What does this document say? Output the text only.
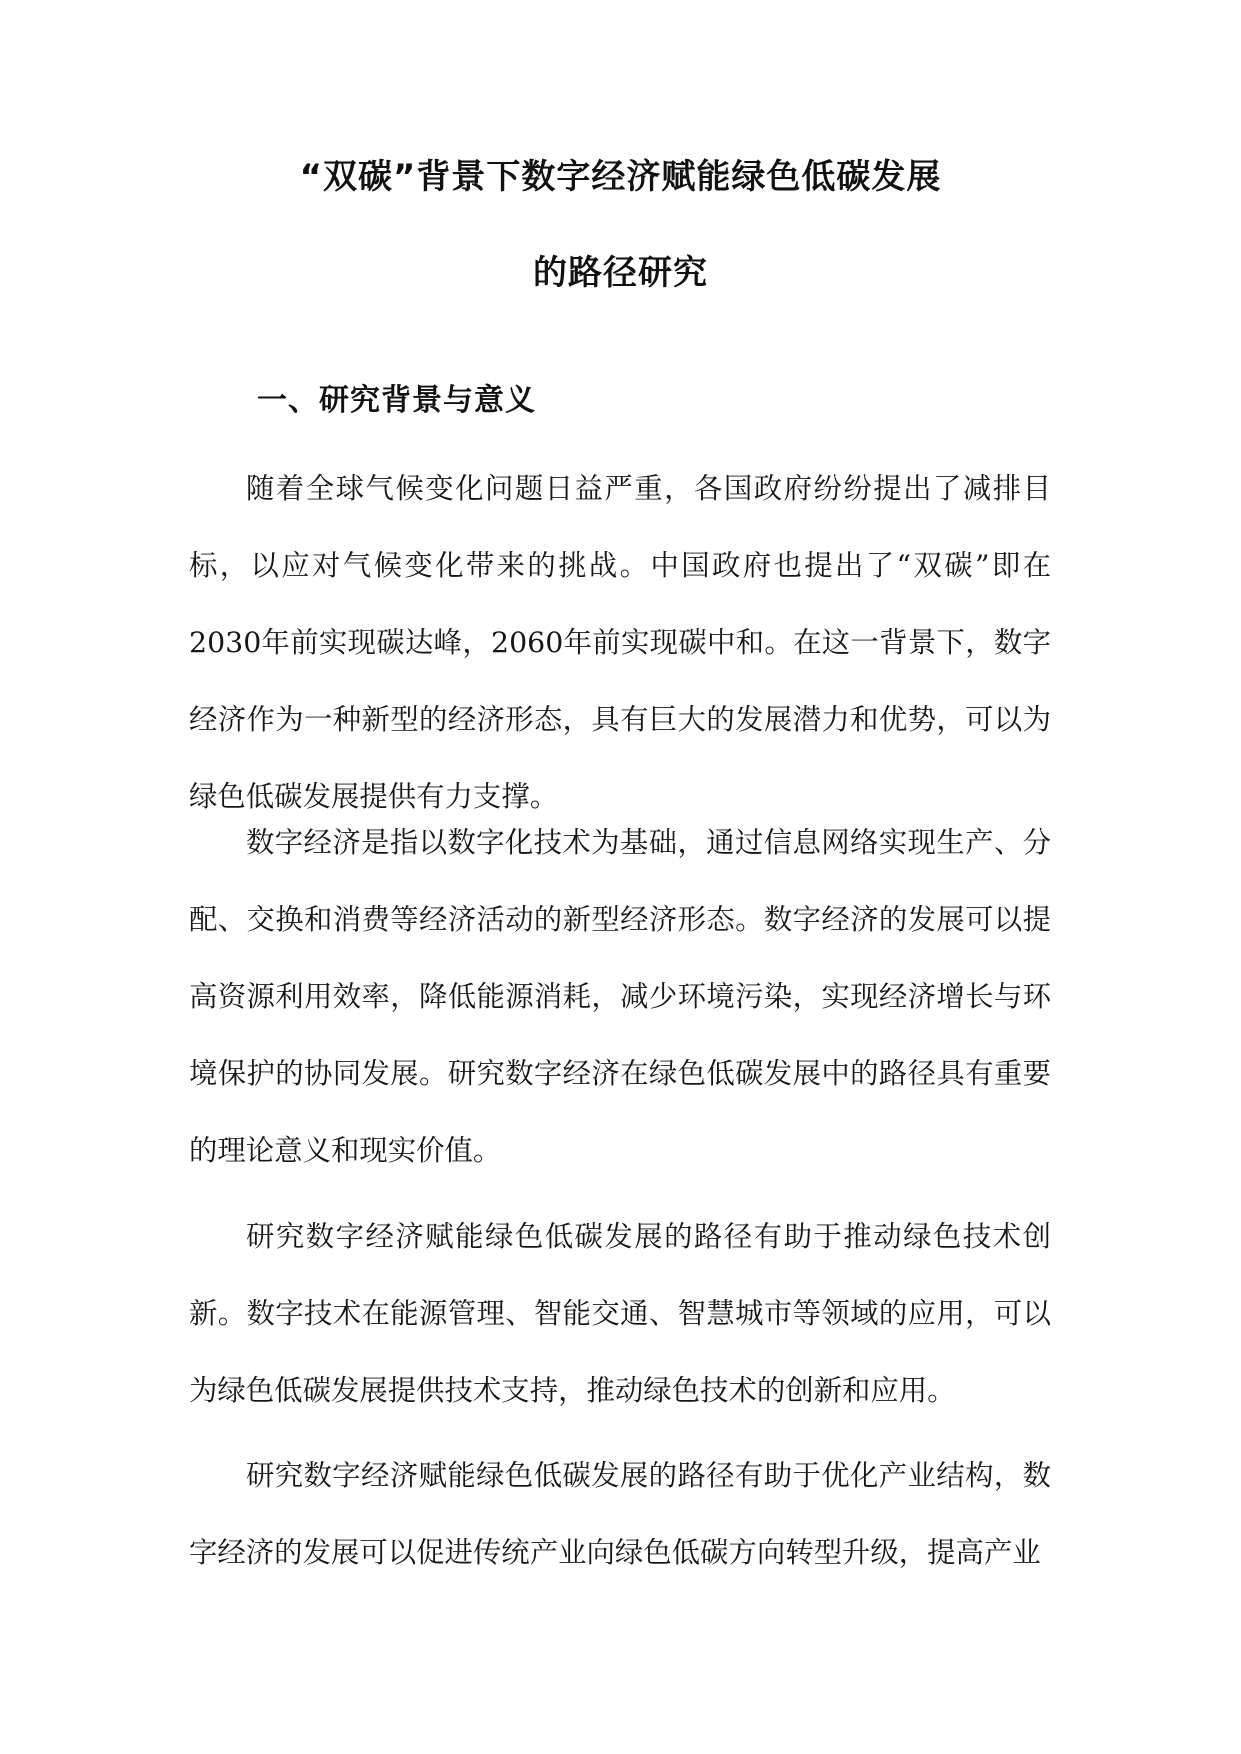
“双碳”背景下数字经济赋能绿色低碳发展
的路径研究
一、研究背景与意义

随着全球气候变化问题日益严重，各国政府纷纷提出了减排目标，以应对气候变化带来的挑战。中国政府也提出了“双碳”即在2030年前实现碳达峰，2060年前实现碳中和。在这一背景下，数字经济作为一种新型的经济形态，具有巨大的发展潜力和优势，可以为绿色低碳发展提供有力支撑。

数字经济是指以数字化技术为基础，通过信息网络实现生产、分配、交换和消费等经济活动的新型经济形态。数字经济的发展可以提高资源利用效率，降低能源消耗，减少环境污染，实现经济增长与环境保护的协同发展。研究数字经济在绿色低碳发展中的路径具有重要的理论意义和现实价值。

研究数字经济赋能绿色低碳发展的路径有助于推动绿色技术创新。数字技术在能源管理、智能交通、智慧城市等领域的应用，可以为绿色低碳发展提供技术支持，推动绿色技术的创新和应用。

研究数字经济赋能绿色低碳发展的路径有助于优化产业结构，数字经济的发展可以促进传统产业向绿色低碳方向转型升级，提高产业
